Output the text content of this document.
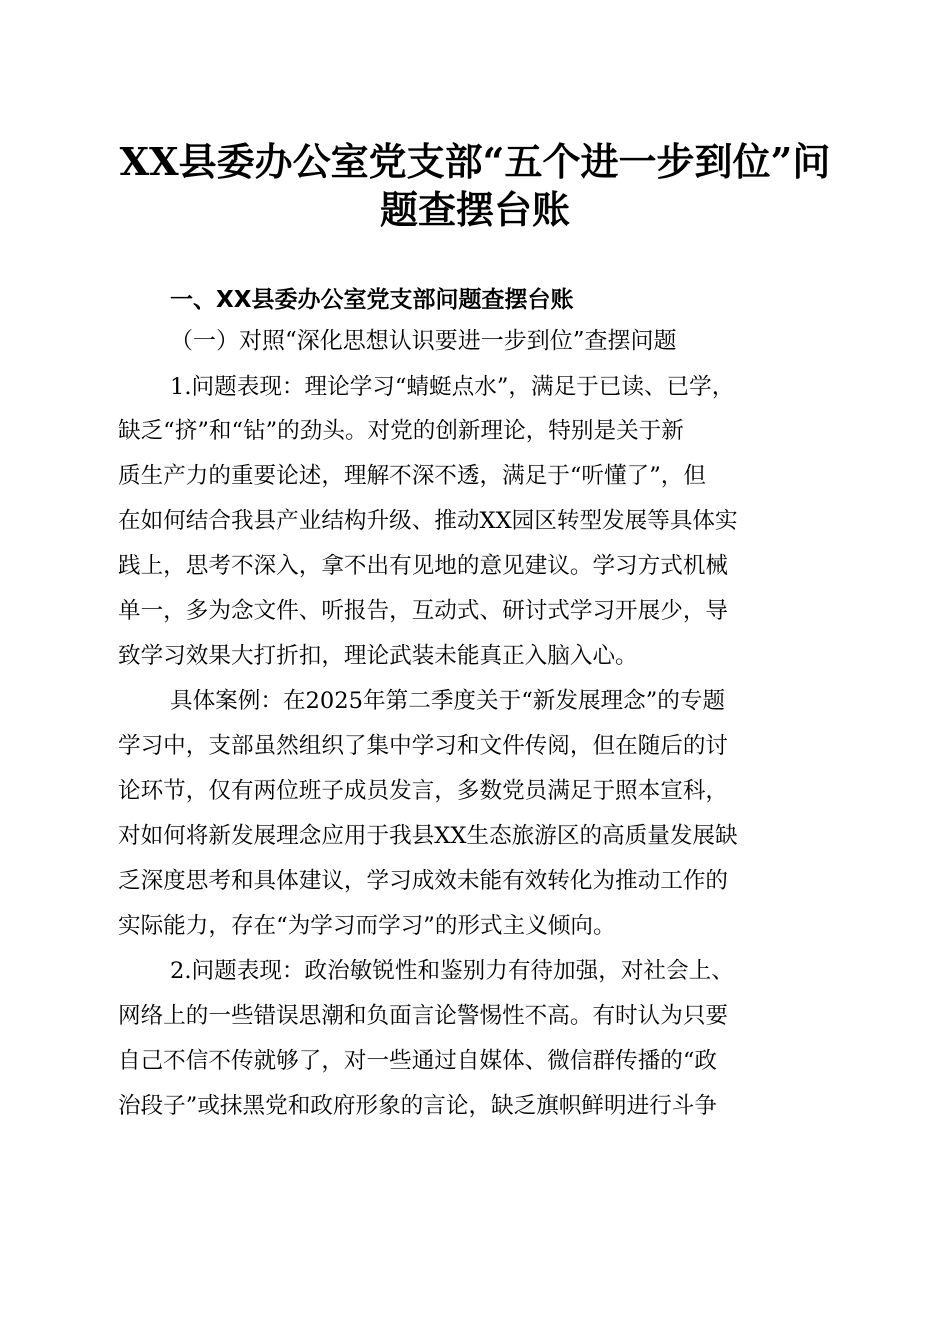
XX县委办公室党支部“五个进一步到位”问
题查摆台账
一、XX县委办公室党支部问题查摆台账
（一）对照“深化思想认识要进一步到位”查摆问题
1.问题表现：理论学习“蜻蜓点水”，满足于已读、已学，
缺乏“挤”和“钻”的劲头。对党的创新理论，特别是关于新
质生产力的重要论述，理解不深不透，满足于“听懂了”，但
在如何结合我县产业结构升级、推动XX园区转型发展等具体实
践上，思考不深入，拿不出有见地的意见建议。学习方式机械
单一，多为念文件、听报告，互动式、研讨式学习开展少，导
致学习效果大打折扣，理论武装未能真正入脑入心。
具体案例：在2025年第二季度关于“新发展理念”的专题
学习中，支部虽然组织了集中学习和文件传阅，但在随后的讨
论环节，仅有两位班子成员发言，多数党员满足于照本宣科，
对如何将新发展理念应用于我县XX生态旅游区的高质量发展缺
乏深度思考和具体建议，学习成效未能有效转化为推动工作的
实际能力，存在“为学习而学习”的形式主义倾向。
2.问题表现：政治敏锐性和鉴别力有待加强，对社会上、
网络上的一些错误思潮和负面言论警惕性不高。有时认为只要
自己不信不传就够了，对一些通过自媒体、微信群传播的“政
治段子”或抹黑党和政府形象的言论，缺乏旗帜鲜明进行斗争
